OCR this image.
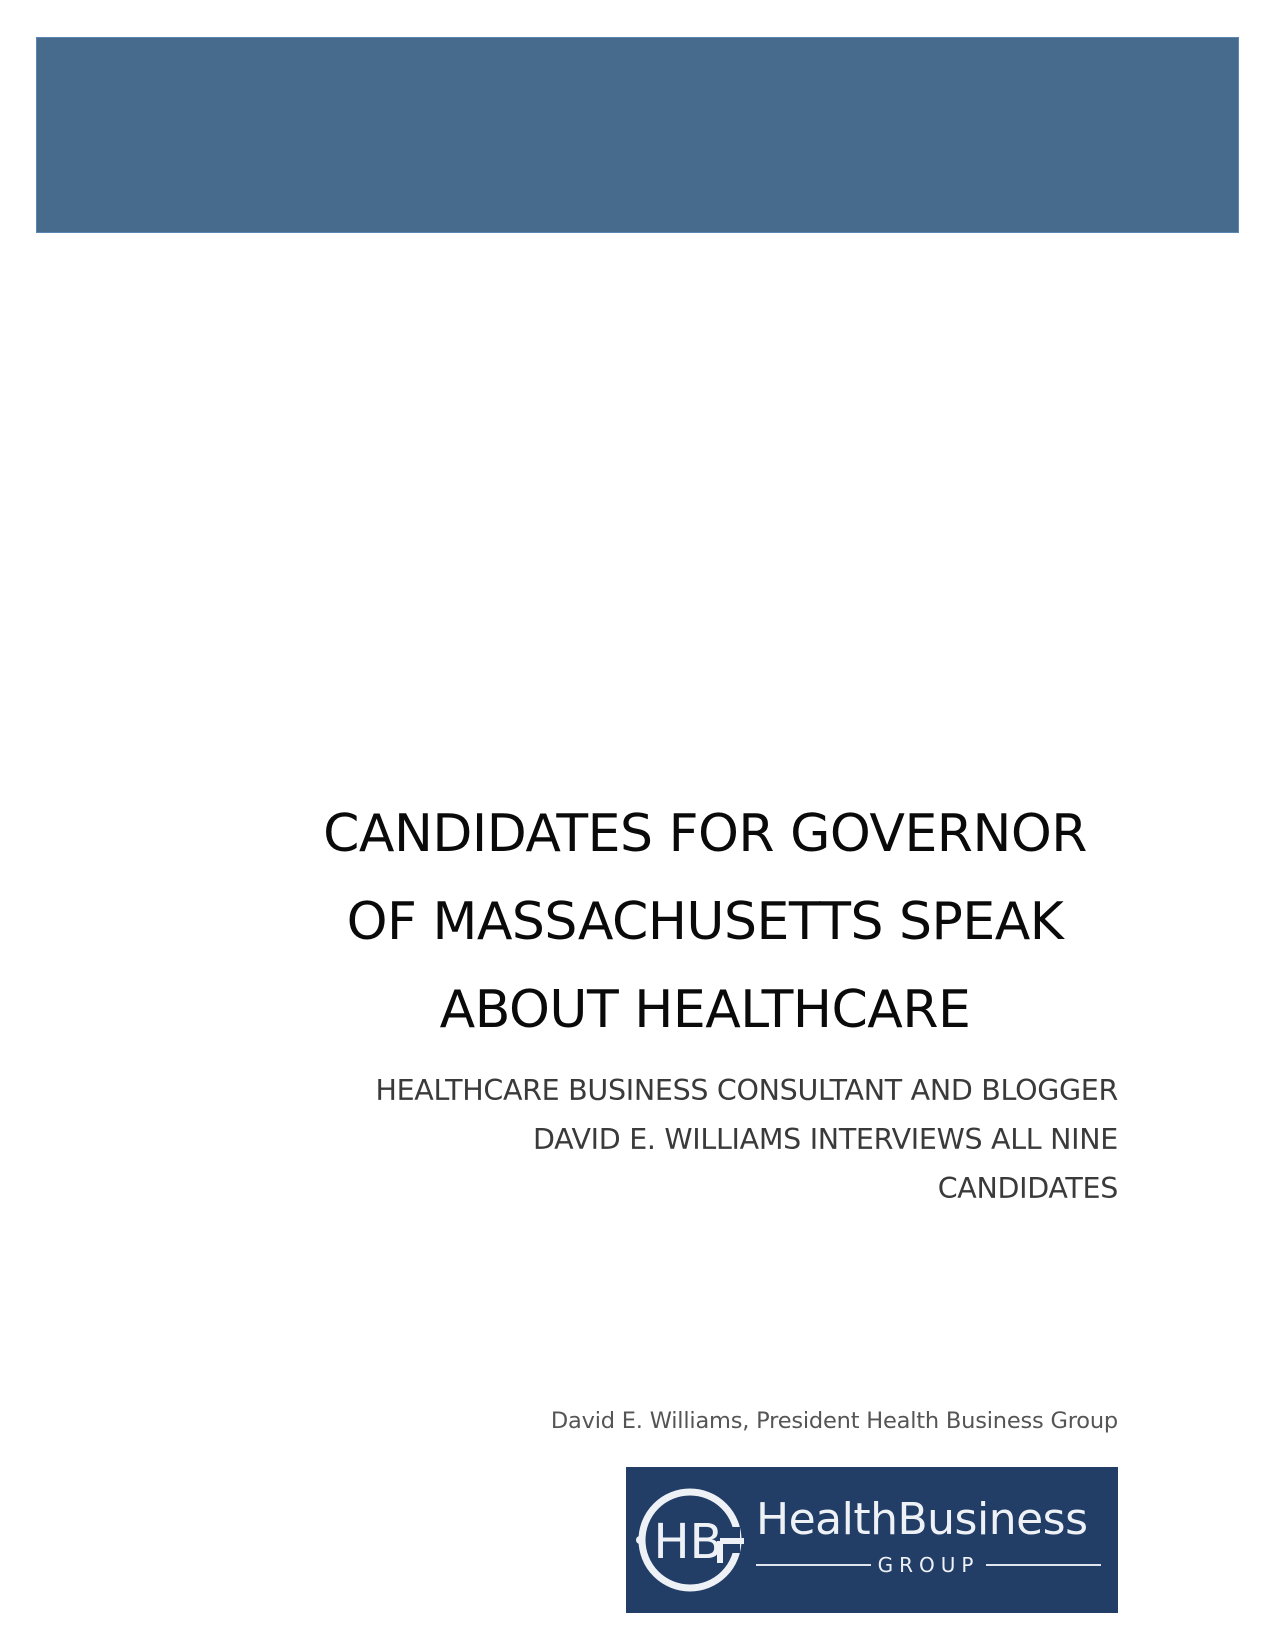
CANDIDATES FOR GOVERNOR
OF MASSACHUSETTS SPEAK
ABOUT HEALTHCARE
HEALTHCARE BUSINESS CONSULTANT AND BLOGGER
DAVID E. WILLIAMS INTERVIEWS ALL NINE
CANDIDATES
David E. Williams, President Health Business Group
HB HealthBusiness
GROUP
